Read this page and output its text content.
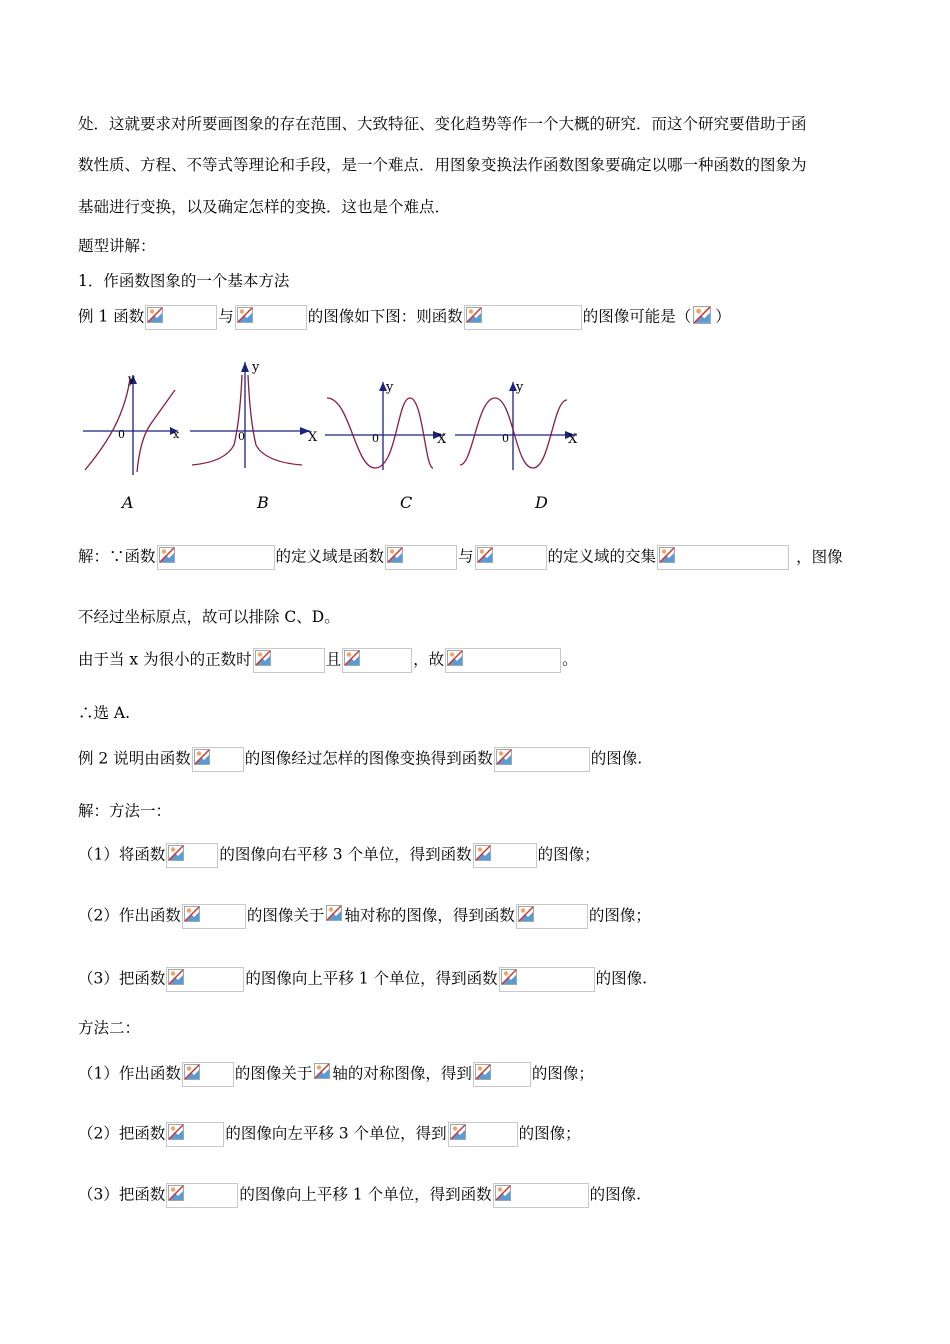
处．这就要求对所要画图象的存在范围、大致特征、变化趋势等作一个大概的研究．而这个研究要借助于函
数性质、方程、不等式等理论和手段，是一个难点．用图象变换法作函数图象要确定以哪一种函数的图象为
基础进行变换，以及确定怎样的变换．这也是个难点．
题型讲解：
1．作函数图象的一个基本方法
例 1 函数	与	的图像如下图：则函数	的图像可能是（ ）
y
0	x
y
0	X
y
0	X
y
0	X
A	B	C	D
解：∵函数	的定义域是函数	与	的定义域的交集	，图像
不经过坐标原点，故可以排除 C、D。
由于当 x 为很小的正数时	且	，故	。
∴选 A.
例 2 说明由函数	的图像经过怎样的图像变换得到函数	的图像.
解：方法一：
（1）将函数	的图像向右平移 3 个单位，得到函数	的图像；
（2）作出函数	的图像关于 轴对称的图像，得到函数	的图像；
（3）把函数	的图像向上平移 1 个单位，得到函数	的图像.
方法二：
（1）作出函数	的图像关于 轴的对称图像，得到	的图像；
（2）把函数	的图像向左平移 3 个单位，得到	的图像；
（3）把函数	的图像向上平移 1 个单位，得到函数	的图像.
